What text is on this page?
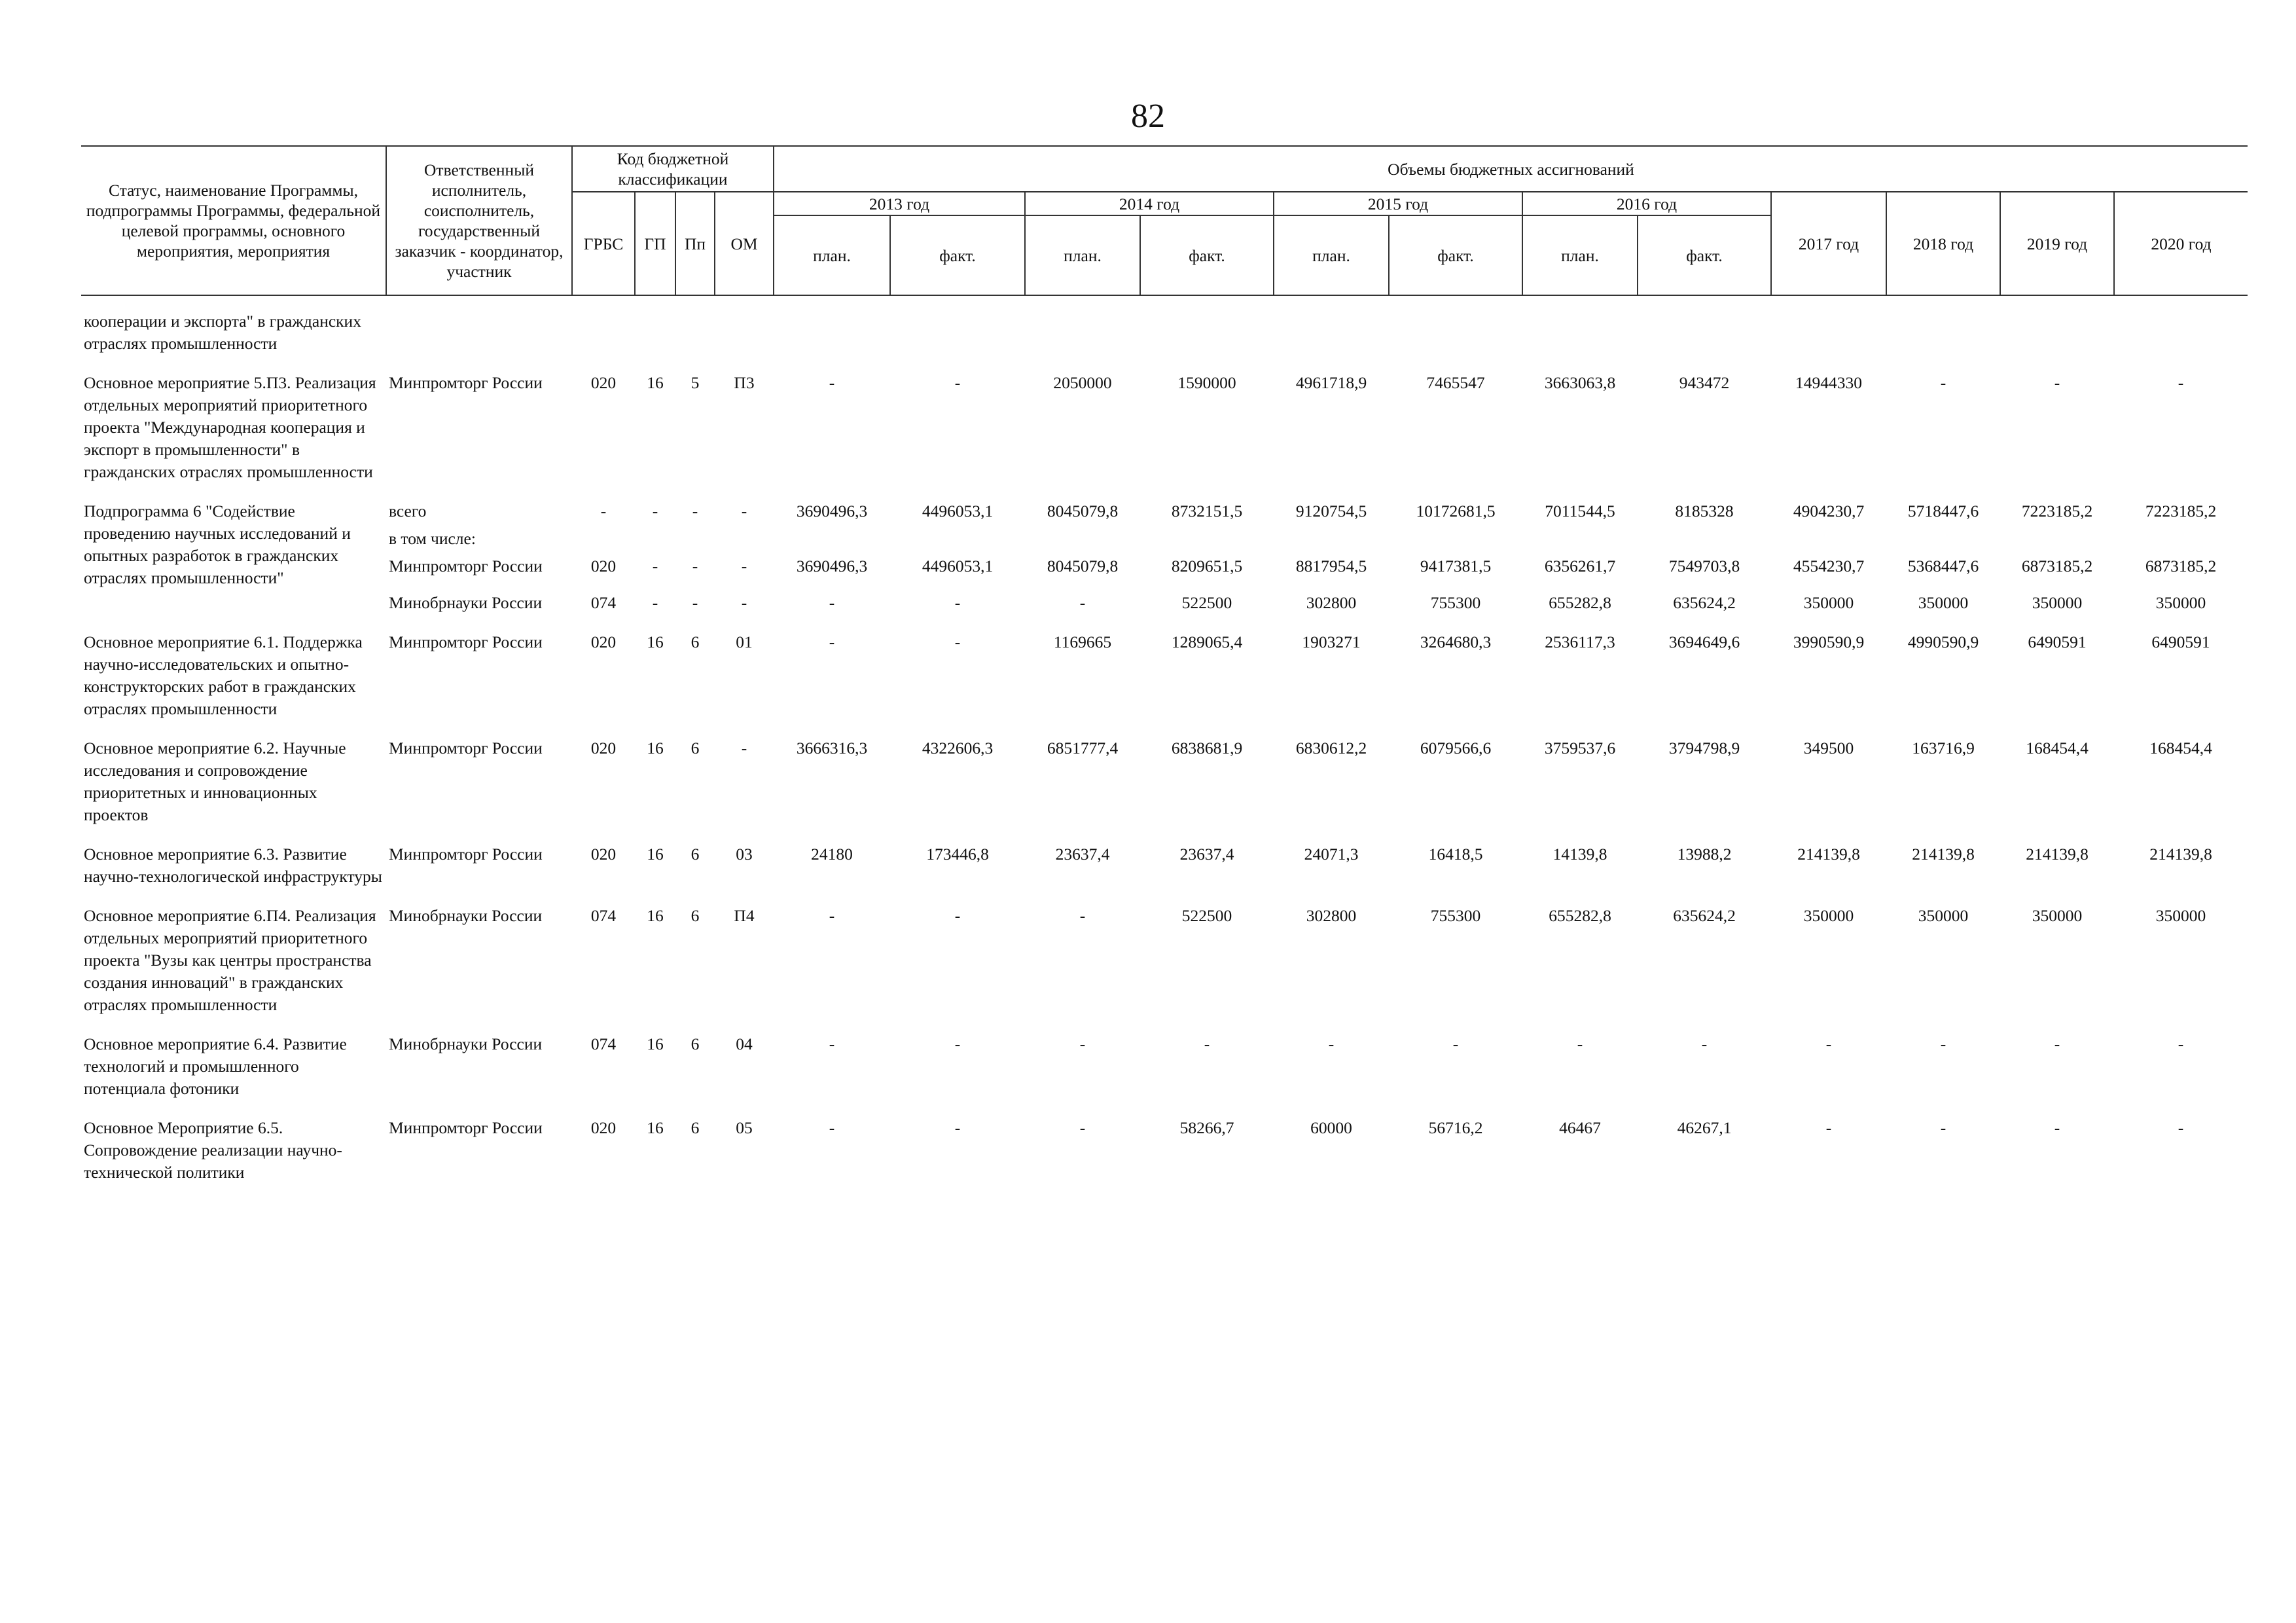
82
Статус, наименование Программы, подпрограммы Программы, федеральной целевой программы, основного мероприятия, мероприятия	Ответственный исполнитель, соисполнитель, государственный заказчик - координатор, участник	Код бюджетной классификации				Объемы бюджетных ассигнований											
		ГРБС	ГП	Пп	ОМ	2013 год		2014 год		2015 год		2016 год		2017 год	2018 год	2019 год	2020 год
						план.	факт.	план.	факт.	план.	факт.	план.	факт.				

кооперации и экспорта" в гражданских отраслях промышленности																	

Основное мероприятие 5.П3. Реализация отдельных мероприятий приоритетного проекта "Международная кооперация и экспорт в промышленности" в гражданских отраслях промышленности	Минпромторг России	020	16	5	П3	-	-	2050000	1590000	4961718,9	7465547	3663063,8	943472	14944330	-	-	-

Подпрограмма 6 "Содействие проведению научных исследований и опытных разработок в гражданских отраслях промышленности"	всего	-	-	-	-	3690496,3	4496053,1	8045079,8	8732151,5	9120754,5	10172681,5	7011544,5	8185328	4904230,7	5718447,6	7223185,2	7223185,2
	в том числе:																
	Минпромторг России	020	-	-	-	3690496,3	4496053,1	8045079,8	8209651,5	8817954,5	9417381,5	6356261,7	7549703,8	4554230,7	5368447,6	6873185,2	6873185,2
	Минобрнауки России	074	-	-	-	-	-	-	522500	302800	755300	655282,8	635624,2	350000	350000	350000	350000

Основное мероприятие 6.1. Поддержка научно-исследовательских и опытно-конструкторских работ в гражданских отраслях промышленности	Минпромторг России	020	16	6	01	-	-	1169665	1289065,4	1903271	3264680,3	2536117,3	3694649,6	3990590,9	4990590,9	6490591	6490591

Основное мероприятие 6.2. Научные исследования и сопровождение приоритетных и инновационных проектов	Минпромторг России	020	16	6	-	3666316,3	4322606,3	6851777,4	6838681,9	6830612,2	6079566,6	3759537,6	3794798,9	349500	163716,9	168454,4	168454,4

Основное мероприятие 6.3. Развитие научно-технологической инфраструктуры	Минпромторг России	020	16	6	03	24180	173446,8	23637,4	23637,4	24071,3	16418,5	14139,8	13988,2	214139,8	214139,8	214139,8	214139,8

Основное мероприятие 6.П4. Реализация отдельных мероприятий приоритетного проекта "Вузы как центры пространства создания инноваций" в гражданских отраслях промышленности	Минобрнауки России	074	16	6	П4	-	-	-	522500	302800	755300	655282,8	635624,2	350000	350000	350000	350000

Основное мероприятие 6.4. Развитие технологий и промышленного потенциала фотоники	Минобрнауки России	074	16	6	04	-	-	-	-	-	-	-	-	-	-	-	-

Основное Мероприятие 6.5. Сопровождение реализации научно-технической политики	Минпромторг России	020	16	6	05	-	-	-	58266,7	60000	56716,2	46467	46267,1	-	-	-	-
